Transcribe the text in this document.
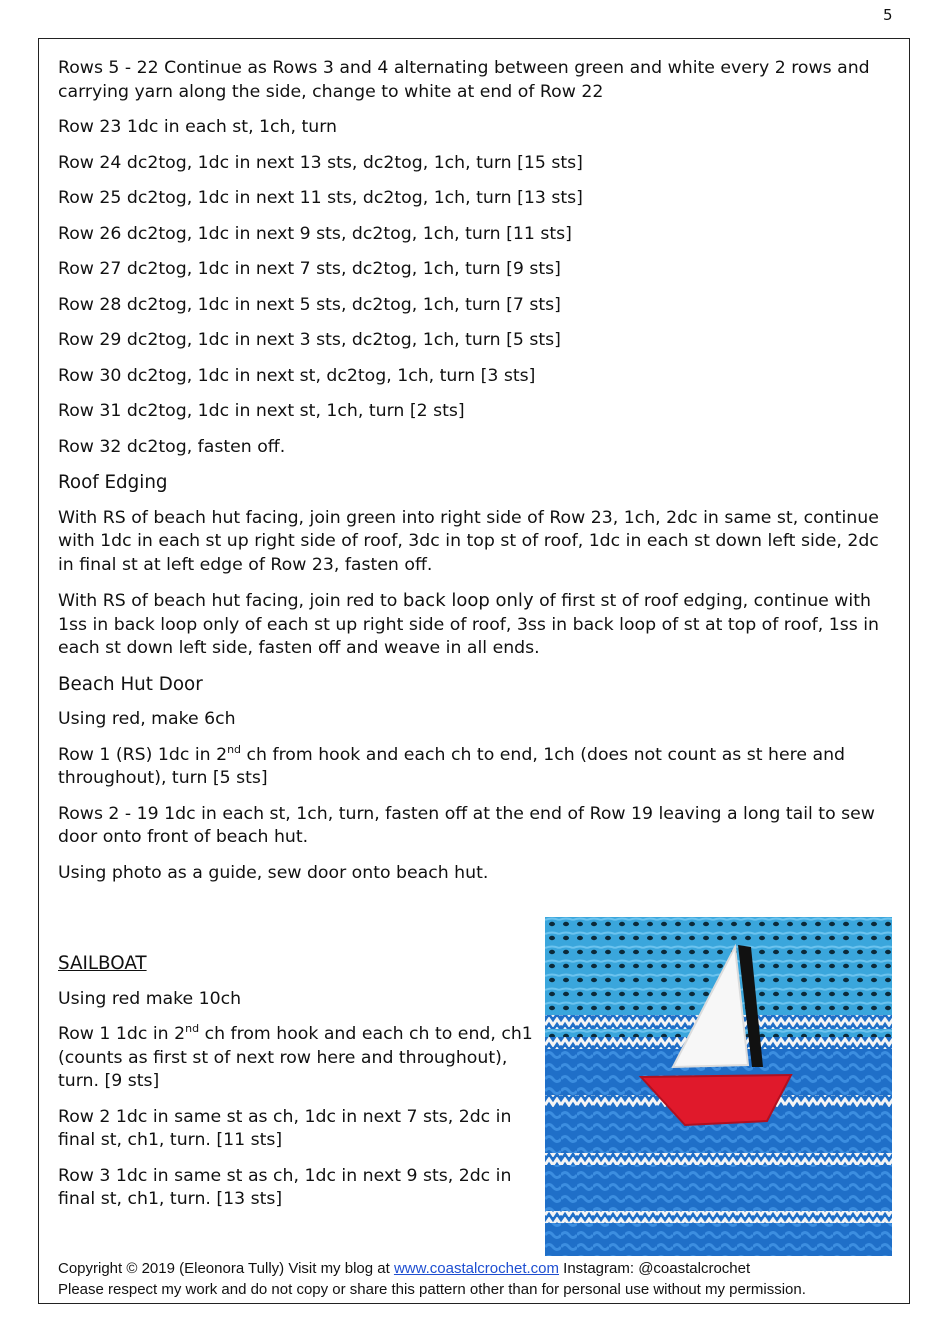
5

Rows 5 - 22 Continue as Rows 3 and 4 alternating between green and white every 2 rows and carrying yarn along the side, change to white at end of Row 22

Row 23 1dc in each st, 1ch, turn

Row 24 dc2tog, 1dc in next 13 sts, dc2tog, 1ch, turn [15 sts]

Row 25 dc2tog, 1dc in next 11 sts, dc2tog, 1ch, turn [13 sts]

Row 26 dc2tog, 1dc in next 9 sts, dc2tog, 1ch, turn [11 sts]

Row 27 dc2tog, 1dc in next 7 sts, dc2tog, 1ch, turn [9 sts]

Row 28 dc2tog, 1dc in next 5 sts, dc2tog, 1ch, turn [7 sts]

Row 29 dc2tog, 1dc in next 3 sts, dc2tog, 1ch, turn [5 sts]

Row 30 dc2tog, 1dc in next st, dc2tog, 1ch, turn [3 sts]

Row 31 dc2tog, 1dc in next st, 1ch, turn [2 sts]

Row 32 dc2tog, fasten off.

Roof Edging

With RS of beach hut facing, join green into right side of Row 23, 1ch, 2dc in same st, continue with 1dc in each st up right side of roof, 3dc in top st of roof, 1dc in each st down left side, 2dc in final st at left edge of Row 23, fasten off.

With RS of beach hut facing, join red to back loop only of first st of roof edging, continue with 1ss in back loop only of each st up right side of roof, 3ss in back loop of st at top of roof, 1ss in each st down left side, fasten off and weave in all ends.

Beach Hut Door

Using red, make 6ch

Row 1 (RS) 1dc in 2nd ch from hook and each ch to end, 1ch (does not count as st here and throughout), turn [5 sts]

Rows 2 - 19 1dc in each st, 1ch, turn, fasten off at the end of Row 19 leaving a long tail to sew door onto front of beach hut.

Using photo as a guide, sew door onto beach hut.

SAILBOAT

Using red make 10ch

Row 1 1dc in 2nd ch from hook and each ch to end, ch1 (counts as first st of next row here and throughout), turn. [9 sts]

Row 2 1dc in same st as ch, 1dc in next 7 sts, 2dc in final st, ch1, turn. [11 sts]

Row 3 1dc in same st as ch, 1dc in next 9 sts, 2dc in final st, ch1, turn. [13 sts]

Copyright © 2019 (Eleonora Tully) Visit my blog at www.coastalcrochet.com Instagram: @coastalcrochet
Please respect my work and do not copy or share this pattern other than for personal use without my permission.
